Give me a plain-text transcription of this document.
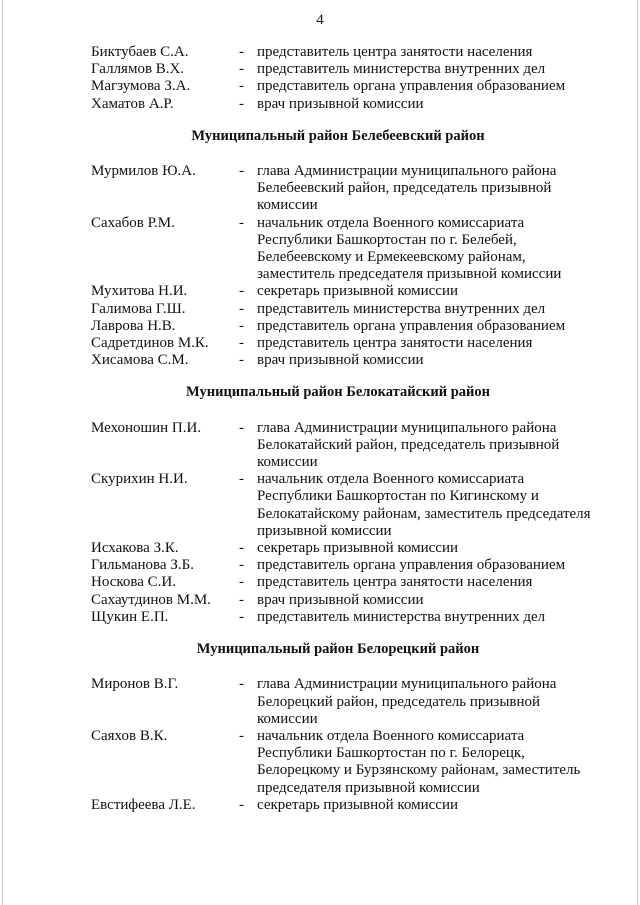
4
Биктубаев С.А.	- представитель центра занятости населения
Галлямов В.Х.	- представитель министерства внутренних дел
Магзумова З.А.	- представитель органа управления образованием
Хаматов А.Р.	- врач призывной комиссии
Муниципальный район Белебеевский район
Мурмилов Ю.А.	- глава Администрации муниципального района Белебеевский район, председатель призывной комиссии
Сахабов Р.М.	- начальник отдела Военного комиссариата Республики Башкортостан по г. Белебей, Белебеевскому и Ермекеевскому районам, заместитель председателя призывной комиссии
Мухитова Н.И.	- секретарь призывной комиссии
Галимова Г.Ш.	- представитель министерства внутренних дел
Лаврова Н.В.	- представитель органа управления образованием
Садретдинов М.К.	- представитель центра занятости населения
Хисамова С.М.	- врач призывной комиссии
Муниципальный район Белокатайский район
Мехоношин П.И.	- глава Администрации муниципального района Белокатайский район, председатель призывной комиссии
Скурихин Н.И.	- начальник отдела Военного комиссариата Республики Башкортостан по Кигинскому и Белокатайскому районам, заместитель председателя призывной комиссии
Исхакова З.К.	- секретарь призывной комиссии
Гильманова З.Б.	- представитель органа управления образованием
Носкова С.И.	- представитель центра занятости населения
Сахаутдинов М.М.	- врач призывной комиссии
Щукин Е.П.	- представитель министерства внутренних дел
Муниципальный район Белорецкий район
Миронов В.Г.	- глава Администрации муниципального района Белорецкий район, председатель призывной комиссии
Саяхов В.К.	- начальник отдела Военного комиссариата Республики Башкортостан по г. Белорецк, Белорецкому и Бурзянскому районам, заместитель председателя призывной комиссии
Евстифеева Л.Е.	- секретарь призывной комиссии
